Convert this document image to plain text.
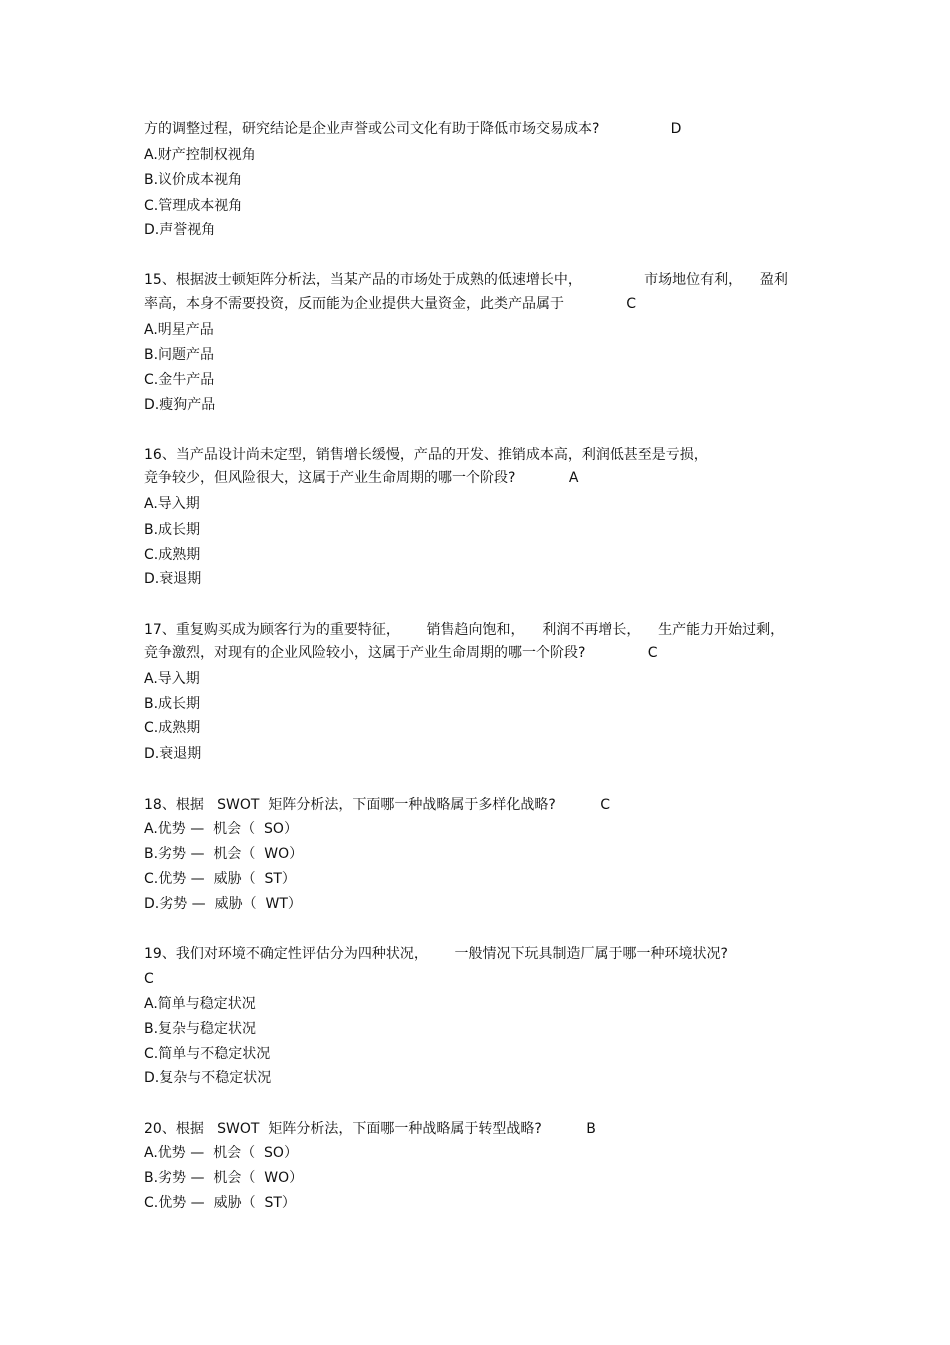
方的调整过程，研究结论是企业声誉或公司文化有助于降低市场交易成本?                D
A.财产控制权视角
B.议价成本视角
C.管理成本视角
D.声誉视角
15、根据波士顿矩阵分析法，当某产品的市场处于成熟的低速增长中，              市场地位有利，    盈利
率高，本身不需要投资，反而能为企业提供大量资金，此类产品属于              C
A.明星产品
B.问题产品
C.金牛产品
D.瘦狗产品
16、当产品设计尚未定型，销售增长缓慢，产品的开发、推销成本高，利润低甚至是亏损，
竞争较少，但风险很大，这属于产业生命周期的哪一个阶段?            A
A.导入期
B.成长期
C.成熟期
D.衰退期
17、重复购买成为顾客行为的重要特征，      销售趋向饱和，    利润不再增长，    生产能力开始过剩，
竞争激烈，对现有的企业风险较小，这属于产业生命周期的哪一个阶段?              C
A.导入期
B.成长期
C.成熟期
D.衰退期
18、根据   SWOT  矩阵分析法，下面哪一种战略属于多样化战略?          C
A.优势 —  机会（  SO）
B.劣势 —  机会（  WO）
C.优势 —  威胁（  ST）
D.劣势 —  威胁（  WT）
19、我们对环境不确定性评估分为四种状况，      一般情况下玩具制造厂属于哪一种环境状况?
C
A.简单与稳定状况
B.复杂与稳定状况
C.简单与不稳定状况
D.复杂与不稳定状况
20、根据   SWOT  矩阵分析法，下面哪一种战略属于转型战略?          B
A.优势 —  机会（  SO）
B.劣势 —  机会（  WO）
C.优势 —  威胁（  ST）
